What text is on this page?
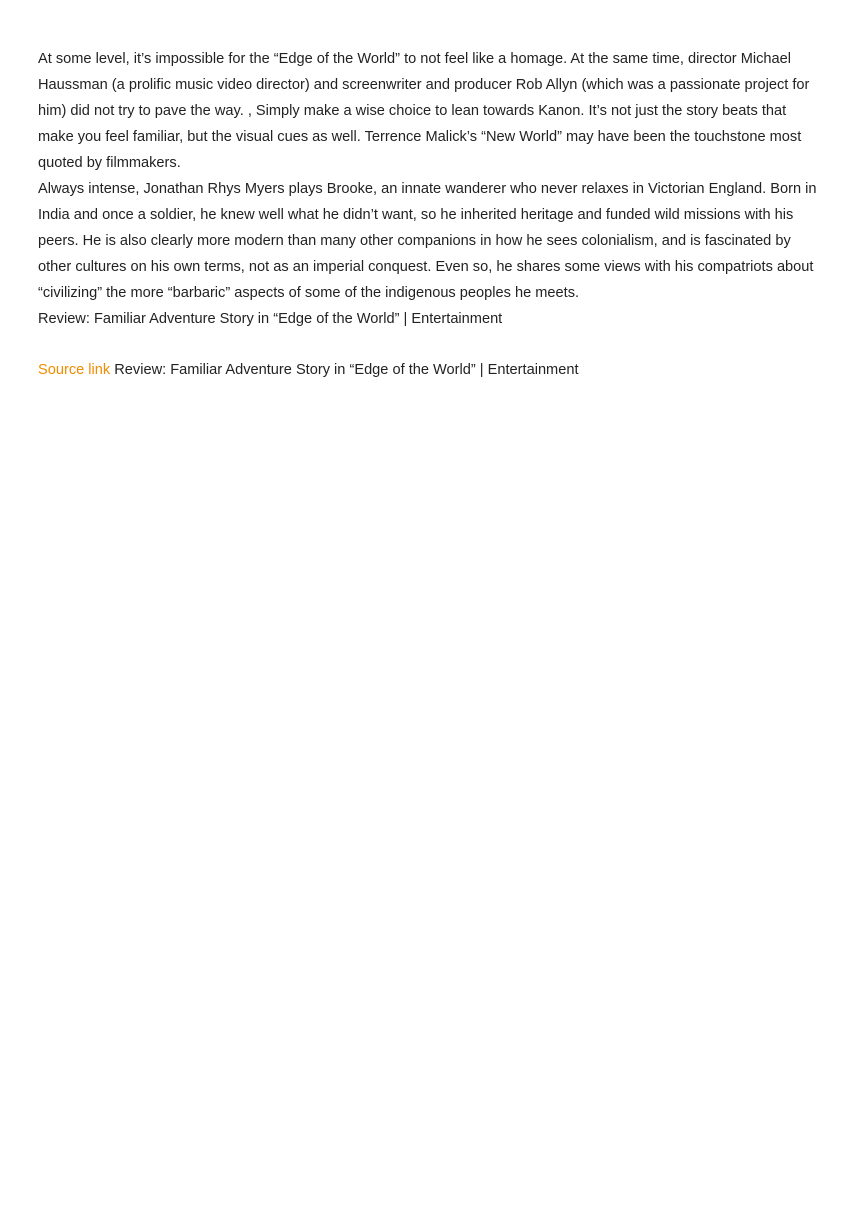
At some level, it’s impossible for the “Edge of the World” to not feel like a homage. At the same time, director Michael Haussman (a prolific music video director) and screenwriter and producer Rob Allyn (which was a passionate project for him) did not try to pave the way. , Simply make a wise choice to lean towards Kanon. It’s not just the story beats that make you feel familiar, but the visual cues as well. Terrence Malick’s “New World” may have been the touchstone most quoted by filmmakers.

Always intense, Jonathan Rhys Myers plays Brooke, an innate wanderer who never relaxes in Victorian England. Born in India and once a soldier, he knew well what he didn’t want, so he inherited heritage and funded wild missions with his peers. He is also clearly more modern than many other companions in how he sees colonialism, and is fascinated by other cultures on his own terms, not as an imperial conquest. Even so, he shares some views with his compatriots about “civilizing” the more “barbaric” aspects of some of the indigenous peoples he meets.

Review: Familiar Adventure Story in “Edge of the World” | Entertainment

Source link Review: Familiar Adventure Story in “Edge of the World” | Entertainment
